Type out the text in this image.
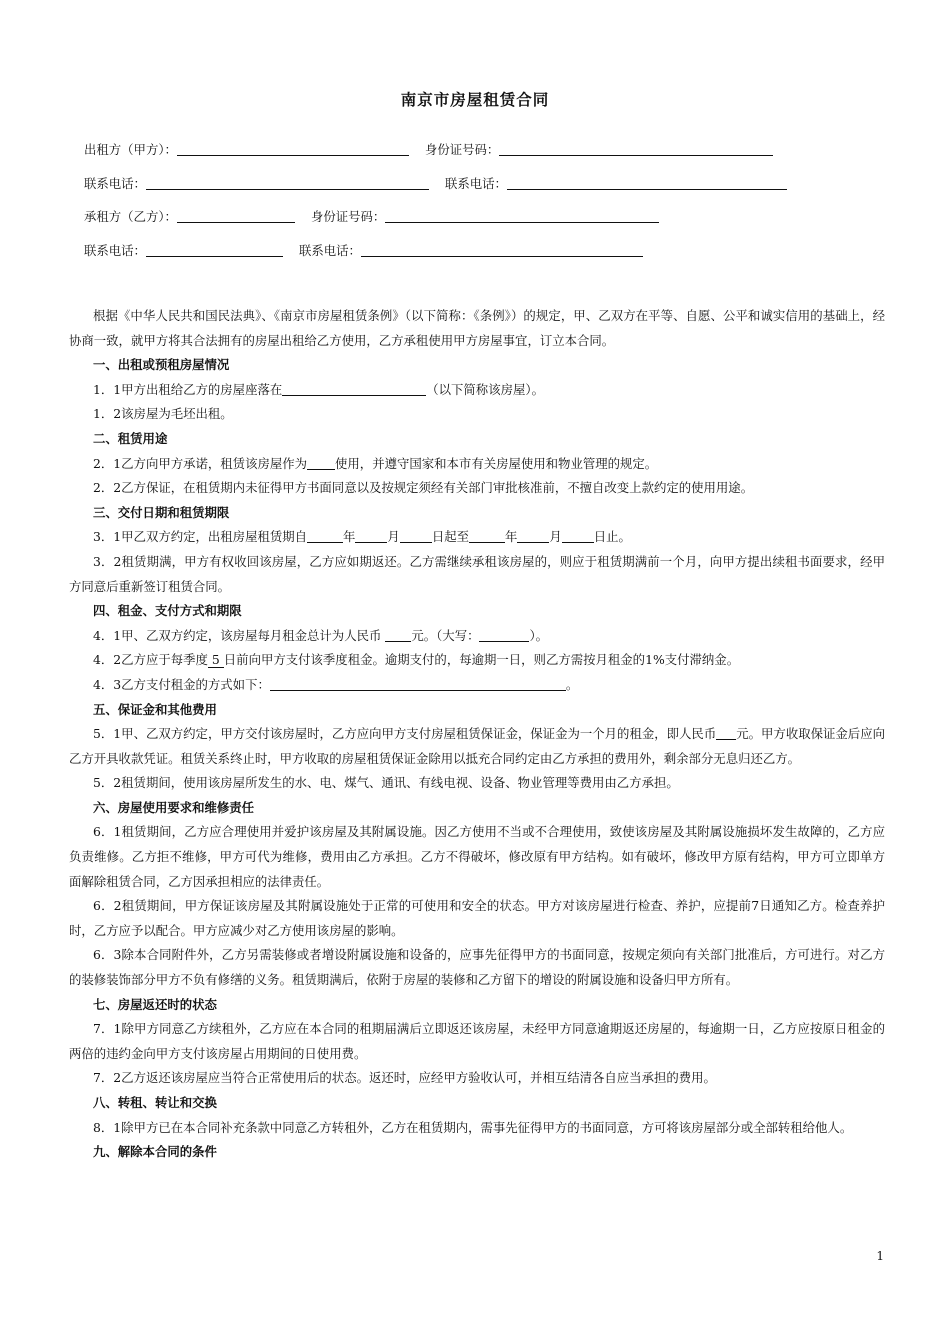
南京市房屋租赁合同
出租方（甲方）：	身份证号码：
联系电话：	联系电话：
承租方（乙方）：	身份证号码：
联系电话：	联系电话：

根据《中华人民共和国民法典》、《南京市房屋租赁条例》（以下简称：《条例》）的规定，甲、乙双方在平等、自愿、公平和诚实信用的基础上，经协商一致，就甲方将其合法拥有的房屋出租给乙方使用，乙方承租使用甲方房屋事宜，订立本合同。

一、出租或预租房屋情况

1．1甲方出租给乙方的房屋座落在	（以下简称该房屋）。

1．2该房屋为毛坯出租。

二、租赁用途

2．1乙方向甲方承诺，租赁该房屋作为 使用，并遵守国家和本市有关房屋使用和物业管理的规定。

2．2乙方保证，在租赁期内未征得甲方书面同意以及按规定须经有关部门审批核准前，不擅自改变上款约定的使用用途。

三、交付日期和租赁期限

3．1甲乙双方约定，出租房屋租赁期自	年	月	日起至	年	月	日止。

3．2租赁期满，甲方有权收回该房屋，乙方应如期返还。乙方需继续承租该房屋的，则应于租赁期满前一个月，向甲方提出续租书面要求，经甲方同意后重新签订租赁合同。

四、租金、支付方式和期限

4．1甲、乙双方约定，该房屋每月租金总计为人民币 元。（大写：	）。

4．2乙方应于每季度 5 日前向甲方支付该季度租金。逾期支付的，每逾期一日，则乙方需按月租金的1%支付滞纳金。

4．3乙方支付租金的方式如下：	。

五、保证金和其他费用

5．1甲、乙双方约定，甲方交付该房屋时，乙方应向甲方支付房屋租赁保证金，保证金为一个月的租金，即人民币 元。甲方收取保证金后应向乙方开具收款凭证。租赁关系终止时，甲方收取的房屋租赁保证金除用以抵充合同约定由乙方承担的费用外，剩余部分无息归还乙方。

5．2租赁期间，使用该房屋所发生的水、电、煤气、通讯、有线电视、设备、物业管理等费用由乙方承担。

六、房屋使用要求和维修责任

6．1租赁期间，乙方应合理使用并爱护该房屋及其附属设施。因乙方使用不当或不合理使用，致使该房屋及其附属设施损坏发生故障的，乙方应负责维修。乙方拒不维修，甲方可代为维修，费用由乙方承担。乙方不得破坏，修改原有甲方结构。如有破坏，修改甲方原有结构，甲方可立即单方面解除租赁合同，乙方因承担相应的法律责任。

6．2租赁期间，甲方保证该房屋及其附属设施处于正常的可使用和安全的状态。甲方对该房屋进行检查、养护，应提前7日通知乙方。检查养护时，乙方应予以配合。甲方应减少对乙方使用该房屋的影响。

6．3除本合同附件外，乙方另需装修或者增设附属设施和设备的，应事先征得甲方的书面同意，按规定须向有关部门批准后，方可进行。对乙方的装修装饰部分甲方不负有修缮的义务。租赁期满后，依附于房屋的装修和乙方留下的增设的附属设施和设备归甲方所有。

七、房屋返还时的状态

7．1除甲方同意乙方续租外，乙方应在本合同的租期届满后立即返还该房屋，未经甲方同意逾期返还房屋的，每逾期一日，乙方应按原日租金的两倍的违约金向甲方支付该房屋占用期间的日使用费。

7．2乙方返还该房屋应当符合正常使用后的状态。返还时，应经甲方验收认可，并相互结清各自应当承担的费用。

八、转租、转让和交换

8．1除甲方已在本合同补充条款中同意乙方转租外，乙方在租赁期内，需事先征得甲方的书面同意，方可将该房屋部分或全部转租给他人。

九、解除本合同的条件

1
